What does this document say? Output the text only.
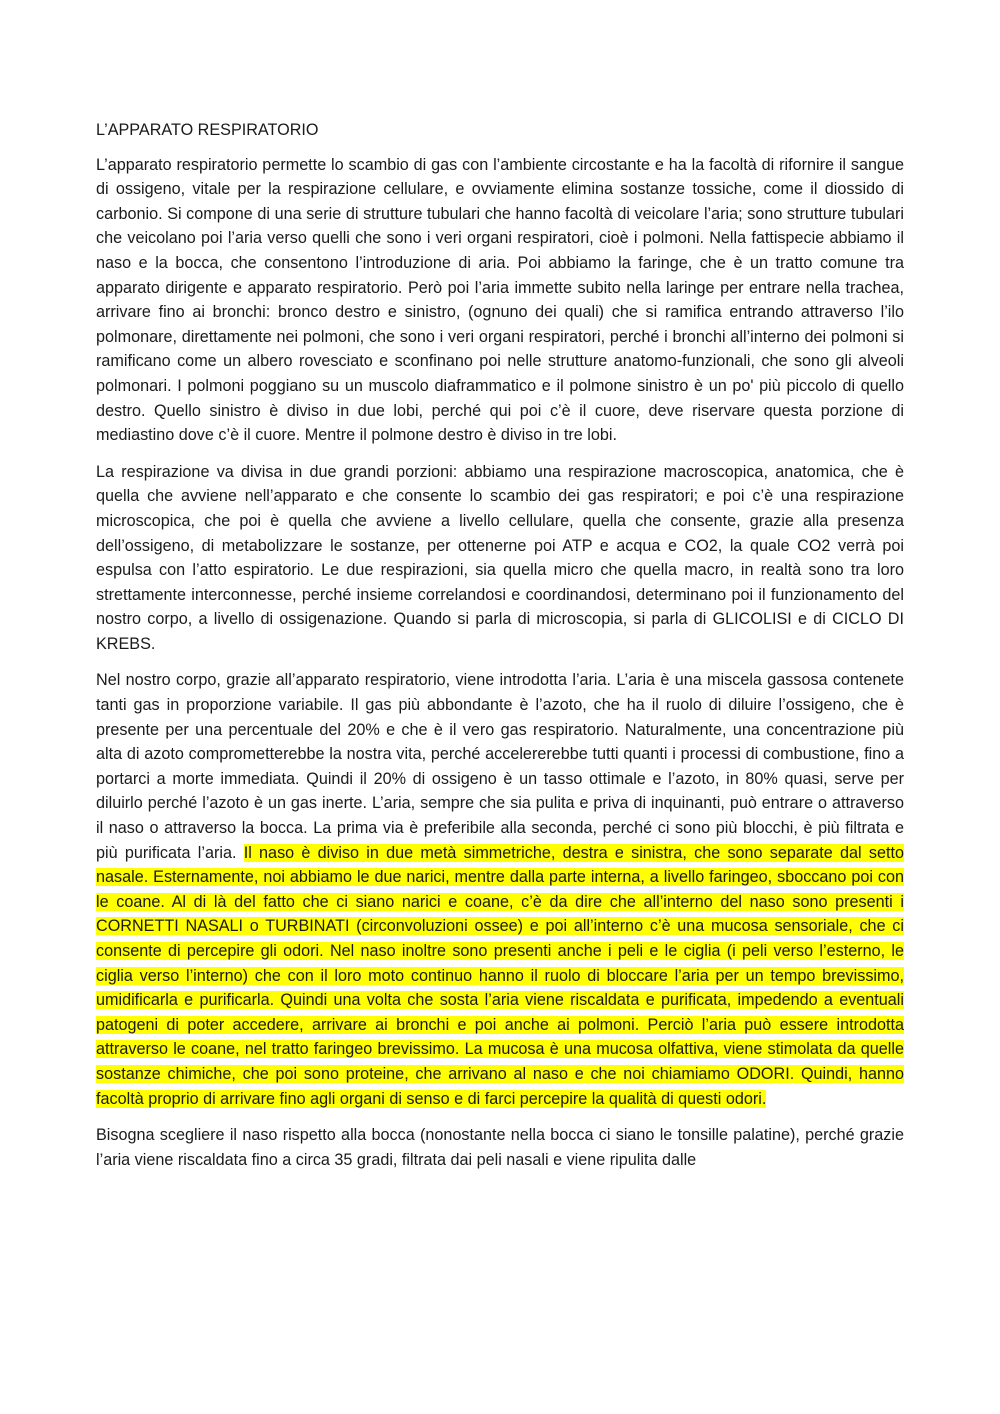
L’APPARATO RESPIRATORIO

L’apparato respiratorio permette lo scambio di gas con l’ambiente circostante e ha la facoltà di rifornire il sangue di ossigeno, vitale per la respirazione cellulare, e ovviamente elimina sostanze tossiche, come il diossido di carbonio. Si compone di una serie di strutture tubulari che hanno facoltà di veicolare l’aria; sono strutture tubulari che veicolano poi l’aria verso quelli che sono i veri organi respiratori, cioè i polmoni. Nella fattispecie abbiamo il naso e la bocca, che consentono l’introduzione di aria. Poi abbiamo la faringe, che è un tratto comune tra apparato dirigente e apparato respiratorio. Però poi l’aria immette subito nella laringe per entrare nella trachea, arrivare fino ai bronchi: bronco destro e sinistro, (ognuno dei quali) che si ramifica entrando attraverso l’ilo polmonare, direttamente nei polmoni, che sono i veri organi respiratori, perché i bronchi all’interno dei polmoni si ramificano come un albero rovesciato e sconfinano poi nelle strutture anatomo-funzionali, che sono gli alveoli polmonari. I polmoni poggiano su un muscolo diaframmatico e il polmone sinistro è un po' più piccolo di quello destro. Quello sinistro è diviso in due lobi, perché qui poi c’è il cuore, deve riservare questa porzione di mediastino dove c’è il cuore. Mentre il polmone destro è diviso in tre lobi.

La respirazione va divisa in due grandi porzioni: abbiamo una respirazione macroscopica, anatomica, che è quella che avviene nell’apparato e che consente lo scambio dei gas respiratori; e poi c’è una respirazione microscopica, che poi è quella che avviene a livello cellulare, quella che consente, grazie alla presenza dell’ossigeno, di metabolizzare le sostanze, per ottenerne poi ATP e acqua e CO2, la quale CO2 verrà poi espulsa con l’atto espiratorio. Le due respirazioni, sia quella micro che quella macro, in realtà sono tra loro strettamente interconnesse, perché insieme correlandosi e coordinandosi, determinano poi il funzionamento del nostro corpo, a livello di ossigenazione. Quando si parla di microscopia, si parla di GLICOLISI e di CICLO DI KREBS.

Nel nostro corpo, grazie all’apparato respiratorio, viene introdotta l’aria. L’aria è una miscela gassosa contenete tanti gas in proporzione variabile. Il gas più abbondante è l’azoto, che ha il ruolo di diluire l’ossigeno, che è presente per una percentuale del 20% e che è il vero gas respiratorio. Naturalmente, una concentrazione più alta di azoto comprometterebbe la nostra vita, perché accelererebbe tutti quanti i processi di combustione, fino a portarci a morte immediata. Quindi il 20% di ossigeno è un tasso ottimale e l’azoto, in 80% quasi, serve per diluirlo perché l’azoto è un gas inerte. L’aria, sempre che sia pulita e priva di inquinanti, può entrare o attraverso il naso o attraverso la bocca. La prima via è preferibile alla seconda, perché ci sono più blocchi, è più filtrata e più purificata l’aria. Il naso è diviso in due metà simmetriche, destra e sinistra, che sono separate dal setto nasale. Esternamente, noi abbiamo le due narici, mentre dalla parte interna, a livello faringeo, sboccano poi con le coane. Al di là del fatto che ci siano narici e coane, c’è da dire che all’interno del naso sono presenti i CORNETTI NASALI o TURBINATI (circonvoluzioni ossee) e poi all’interno c’è una mucosa sensoriale, che ci consente di percepire gli odori. Nel naso inoltre sono presenti anche i peli e le ciglia (i peli verso l’esterno, le ciglia verso l’interno) che con il loro moto continuo hanno il ruolo di bloccare l’aria per un tempo brevissimo, umidificarla e purificarla. Quindi una volta che sosta l’aria viene riscaldata e purificata, impedendo a eventuali patogeni di poter accedere, arrivare ai bronchi e poi anche ai polmoni. Perciò l’aria può essere introdotta attraverso le coane, nel tratto faringeo brevissimo. La mucosa è una mucosa olfattiva, viene stimolata da quelle sostanze chimiche, che poi sono proteine, che arrivano al naso e che noi chiamiamo ODORI. Quindi, hanno facoltà proprio di arrivare fino agli organi di senso e di farci percepire la qualità di questi odori.

Bisogna scegliere il naso rispetto alla bocca (nonostante nella bocca ci siano le tonsille palatine), perché grazie l’aria viene riscaldata fino a circa 35 gradi, filtrata dai peli nasali e viene ripulita dalle
